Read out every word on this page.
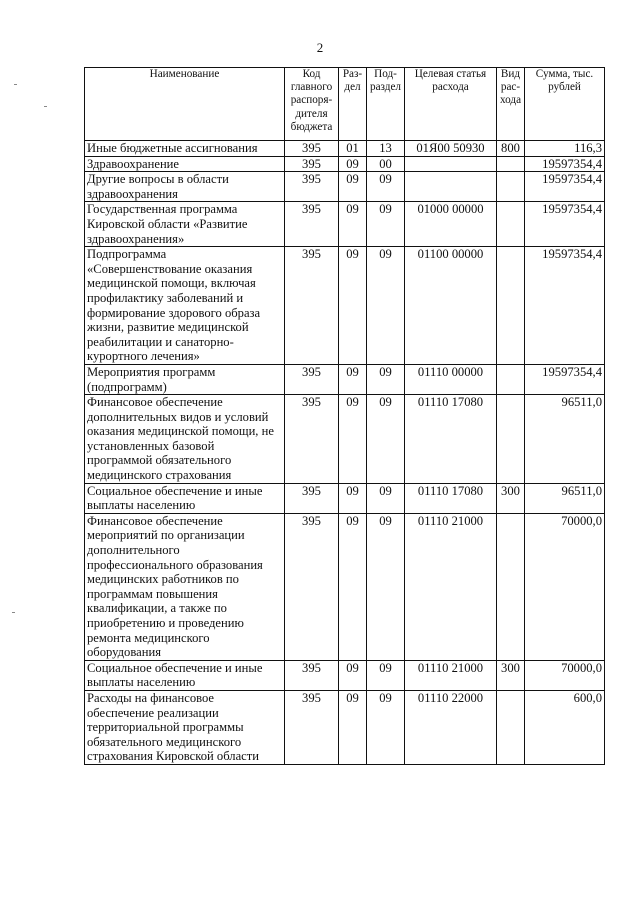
2
Наименование	Код главного распоря-дителя бюджета	Раз-дел	Под-раздел	Целевая статья расхода	Вид рас-хода	Сумма, тыс. рублей
Иные бюджетные ассигнования	395	01	13	01Я00 50930	800	116,3
Здравоохранение	395	09	00			19597354,4
Другие вопросы в области здравоохранения	395	09	09			19597354,4
Государственная программа Кировской области «Развитие здравоохранения»	395	09	09	01000 00000		19597354,4
Подпрограмма «Совершенствование оказания медицинской помощи, включая профилактику заболеваний и формирование здорового образа жизни, развитие медицинской реабилитации и санаторно-курортного лечения»	395	09	09	01100 00000		19597354,4
Мероприятия программ (подпрограмм)	395	09	09	01110 00000		19597354,4
Финансовое обеспечение дополнительных видов и условий оказания медицинской помощи, не установленных базовой программой обязательного медицинского страхования	395	09	09	01110 17080		96511,0
Социальное обеспечение и иные выплаты населению	395	09	09	01110 17080	300	96511,0
Финансовое обеспечение мероприятий по организации дополнительного профессионального образования медицинских работников по программам повышения квалификации, а также по приобретению и проведению ремонта медицинского оборудования	395	09	09	01110 21000		70000,0
Социальное обеспечение и иные выплаты населению	395	09	09	01110 21000	300	70000,0
Расходы на финансовое обеспечение реализации территориальной программы обязательного медицинского страхования Кировской области	395	09	09	01110 22000		600,0
